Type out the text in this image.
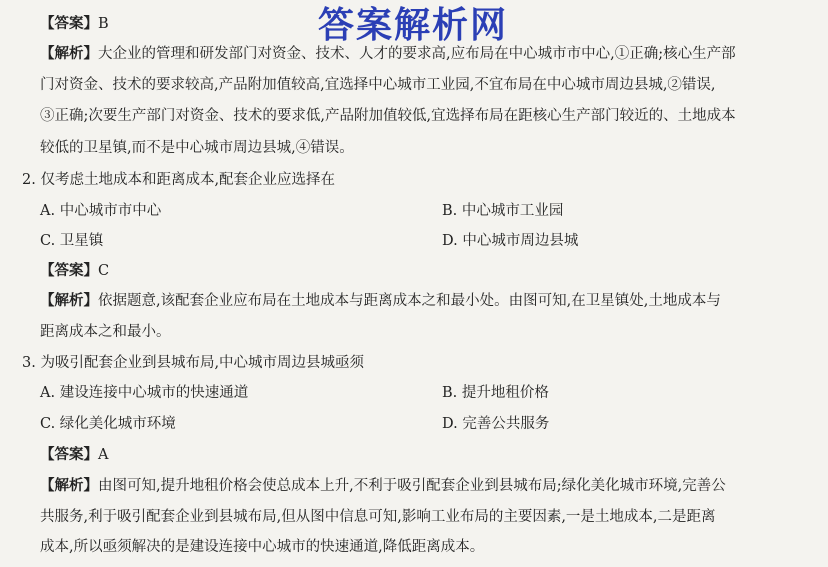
答案解析网
【答案】B
【解析】大企业的管理和研发部门对资金、技术、人才的要求高,应布局在中心城市市中心,①正确;核心生产部
门对资金、技术的要求较高,产品附加值较高,宜选择中心城市工业园,不宜布局在中心城市周边县城,②错误,
③正确;次要生产部门对资金、技术的要求低,产品附加值较低,宜选择布局在距核心生产部门较近的、土地成本
较低的卫星镇,而不是中心城市周边县城,④错误。
2. 仅考虑土地成本和距离成本,配套企业应选择在
A. 中心城市市中心	B. 中心城市工业园
C. 卫星镇	D. 中心城市周边县城
【答案】C
【解析】依据题意,该配套企业应布局在土地成本与距离成本之和最小处。由图可知,在卫星镇处,土地成本与
距离成本之和最小。
3. 为吸引配套企业到县城布局,中心城市周边县城亟须
A. 建设连接中心城市的快速通道	B. 提升地租价格
C. 绿化美化城市环境	D. 完善公共服务
【答案】A
【解析】由图可知,提升地租价格会使总成本上升,不利于吸引配套企业到县城布局;绿化美化城市环境,完善公
共服务,利于吸引配套企业到县城布局,但从图中信息可知,影响工业布局的主要因素,一是土地成本,二是距离
成本,所以亟须解决的是建设连接中心城市的快速通道,降低距离成本。
